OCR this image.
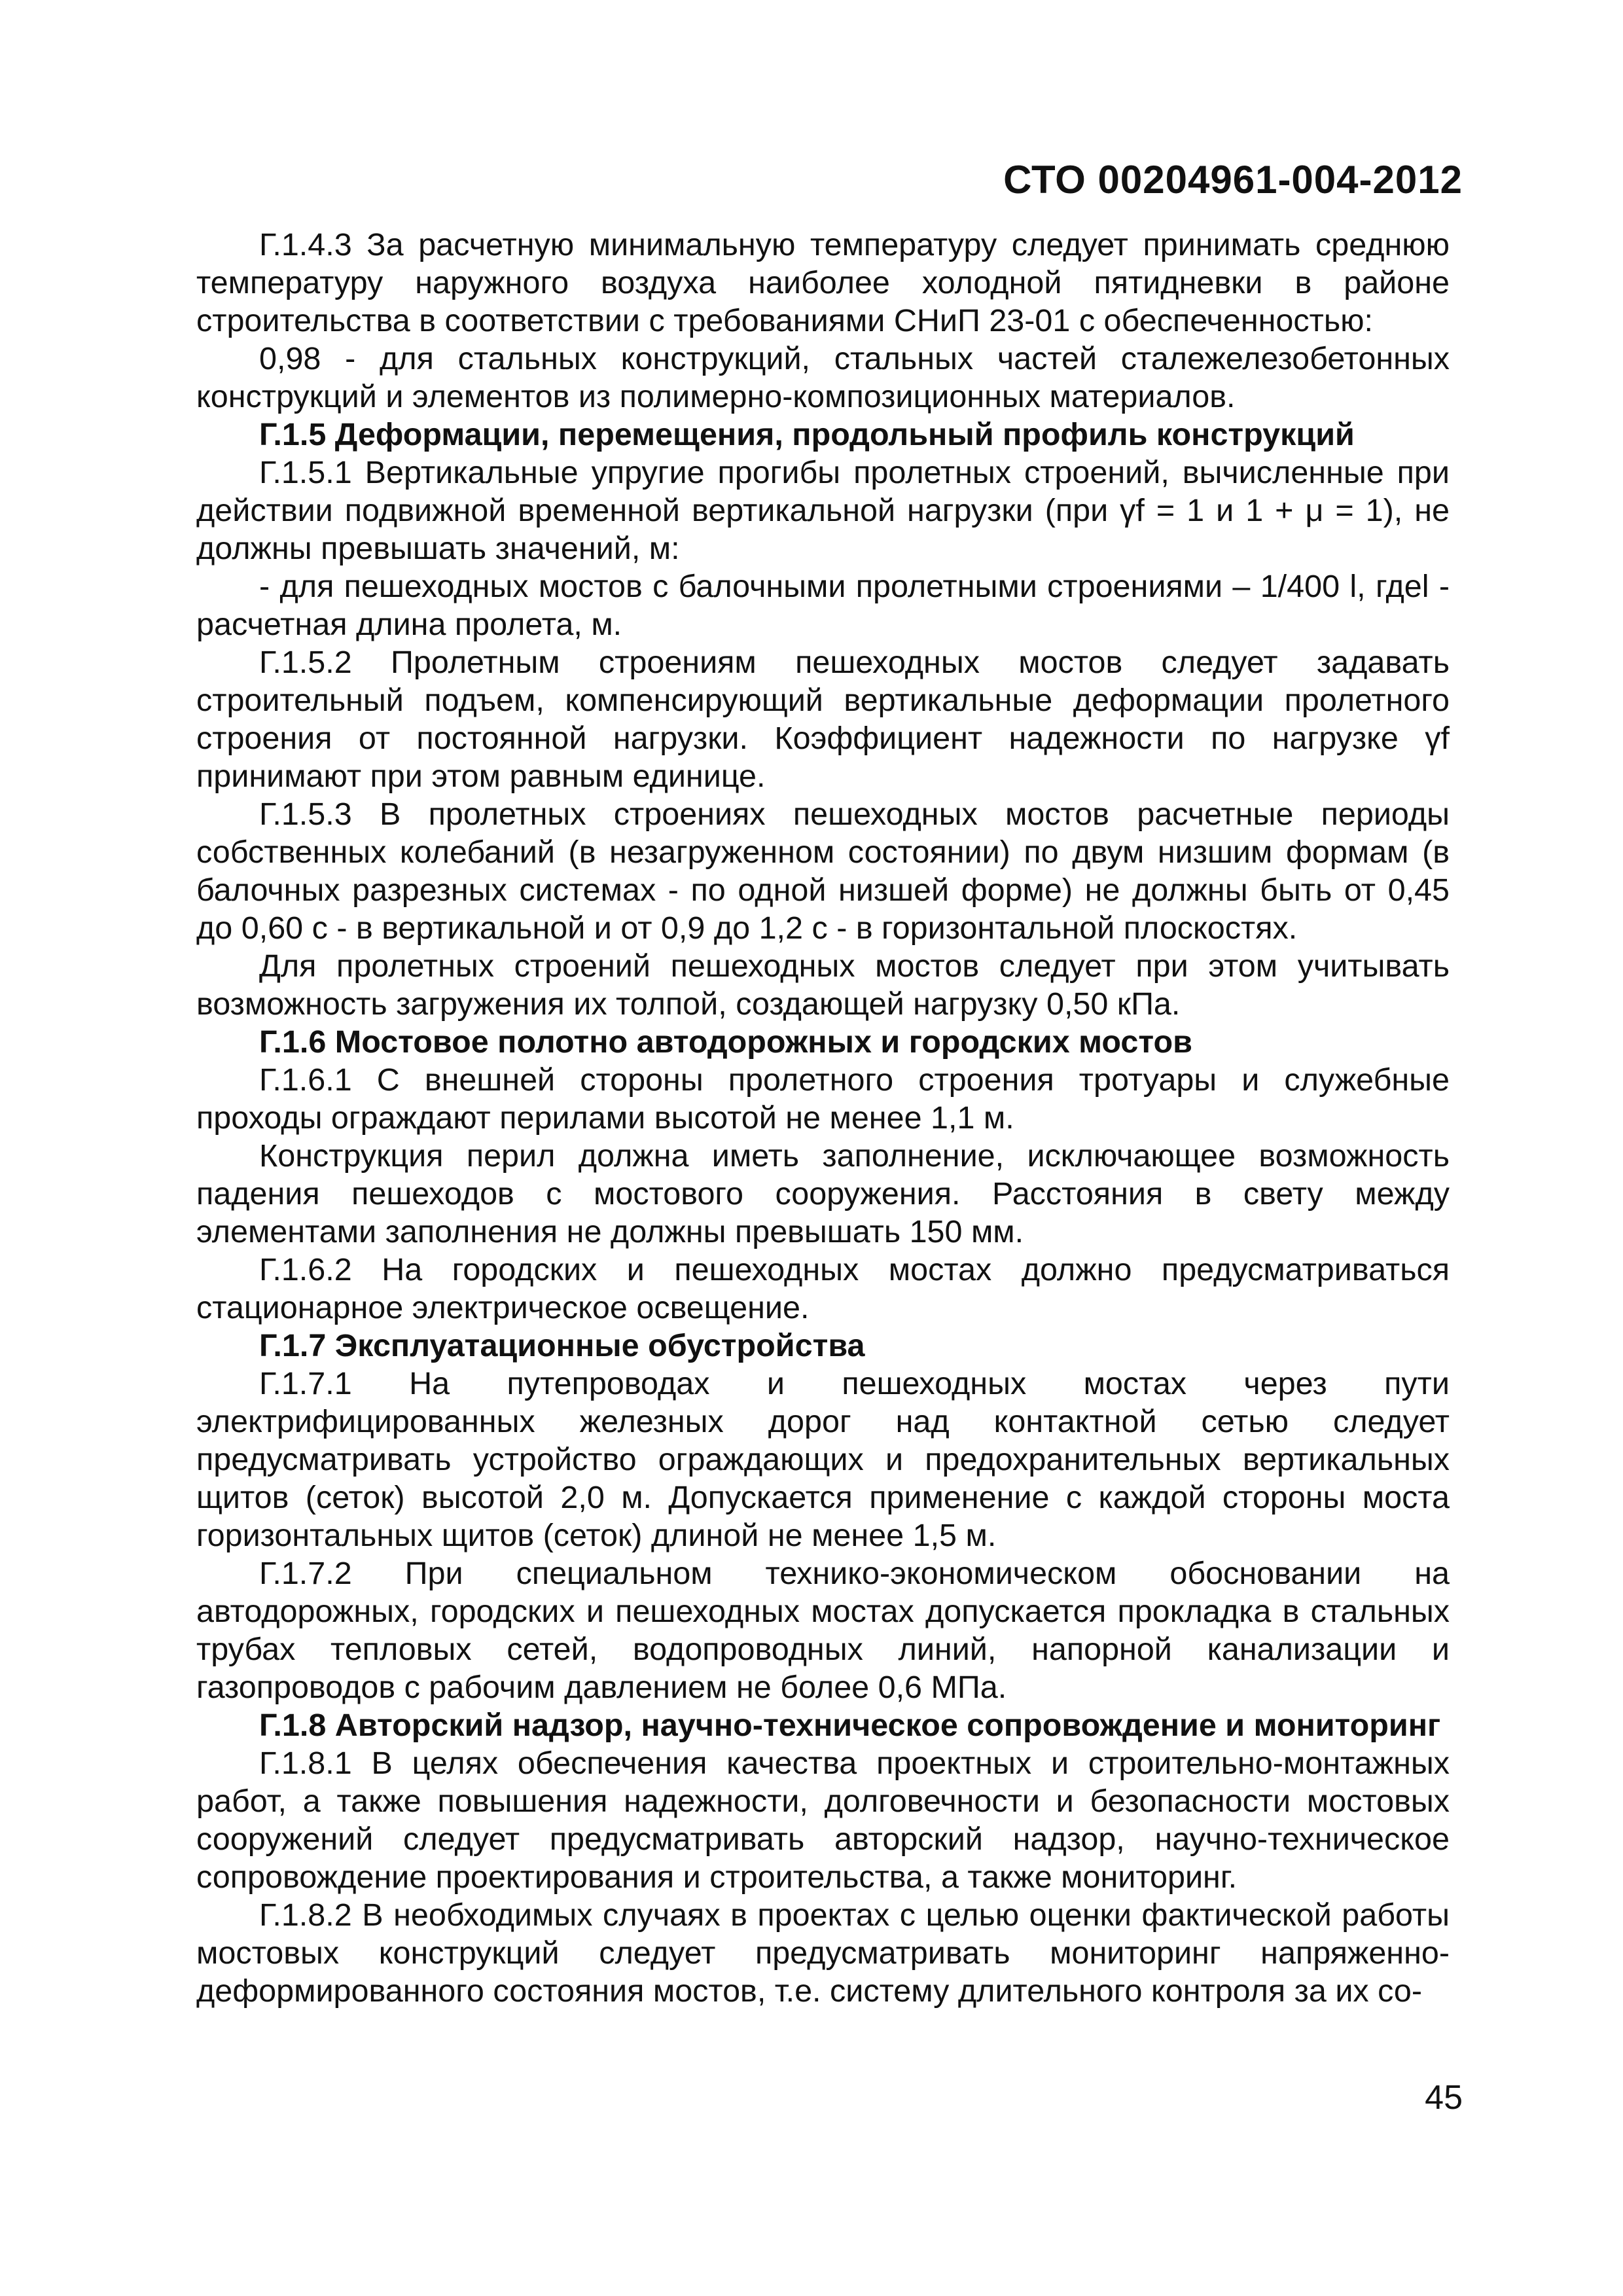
СТО 00204961-004-2012

Г.1.4.3 За расчетную минимальную температуру следует принимать среднюю температуру наружного воздуха наиболее холодной пятидневки в районе строительства в соответствии с требованиями СНиП 23-01 с обеспеченностью:

0,98 - для стальных конструкций, стальных частей сталежелезобетонных конструкций и элементов из полимерно-композиционных материалов.

Г.1.5 Деформации, перемещения, продольный профиль конструкций

Г.1.5.1 Вертикальные упругие прогибы пролетных строений, вычисленные при действии подвижной временной вертикальной нагрузки (при γf = 1 и 1 + μ = 1), не должны превышать значений, м:

- для пешеходных мостов с балочными пролетными строениями – 1/400 l, гдеl - расчетная длина пролета, м.

Г.1.5.2 Пролетным строениям пешеходных мостов следует задавать строительный подъем, компенсирующий вертикальные деформации пролетного строения от постоянной нагрузки. Коэффициент надежности по нагрузке γf принимают при этом равным единице.

Г.1.5.3 В пролетных строениях пешеходных мостов расчетные периоды собственных колебаний (в незагруженном состоянии) по двум низшим формам (в балочных разрезных системах - по одной низшей форме) не должны быть от 0,45 до 0,60 с - в вертикальной и от 0,9 до 1,2 с - в горизонтальной плоскостях.

Для пролетных строений пешеходных мостов следует при этом учитывать возможность загружения их толпой, создающей нагрузку 0,50 кПа.

Г.1.6 Мостовое полотно автодорожных и городских мостов

Г.1.6.1 С внешней стороны пролетного строения тротуары и служебные проходы ограждают перилами высотой не менее 1,1 м.

Конструкция перил должна иметь заполнение, исключающее возможность падения пешеходов с мостового сооружения. Расстояния в свету между элементами заполнения не должны превышать 150 мм.

Г.1.6.2 На городских и пешеходных мостах должно предусматриваться стационарное электрическое освещение.

Г.1.7 Эксплуатационные обустройства

Г.1.7.1 На путепроводах и пешеходных мостах через пути электрифицированных железных дорог над контактной сетью следует предусматривать устройство ограждающих и предохранительных вертикальных щитов (сеток) высотой 2,0 м. Допускается применение с каждой стороны моста горизонтальных щитов (сеток) длиной не менее 1,5 м.

Г.1.7.2 При специальном технико-экономическом обосновании на автодорожных, городских и пешеходных мостах допускается прокладка в стальных трубах тепловых сетей, водопроводных линий, напорной канализации и газопроводов с рабочим давлением не более 0,6 МПа.

Г.1.8 Авторский надзор, научно-техническое сопровождение и мониторинг

Г.1.8.1 В целях обеспечения качества проектных и строительно-монтажных работ, а также повышения надежности, долговечности и безопасности мостовых сооружений следует предусматривать авторский надзор, научно-техническое сопровождение проектирования и строительства, а также мониторинг.

Г.1.8.2 В необходимых случаях в проектах с целью оценки фактической работы мостовых конструкций следует предусматривать мониторинг напряженно-деформированного состояния мостов, т.е. систему длительного контроля за их со-

45
